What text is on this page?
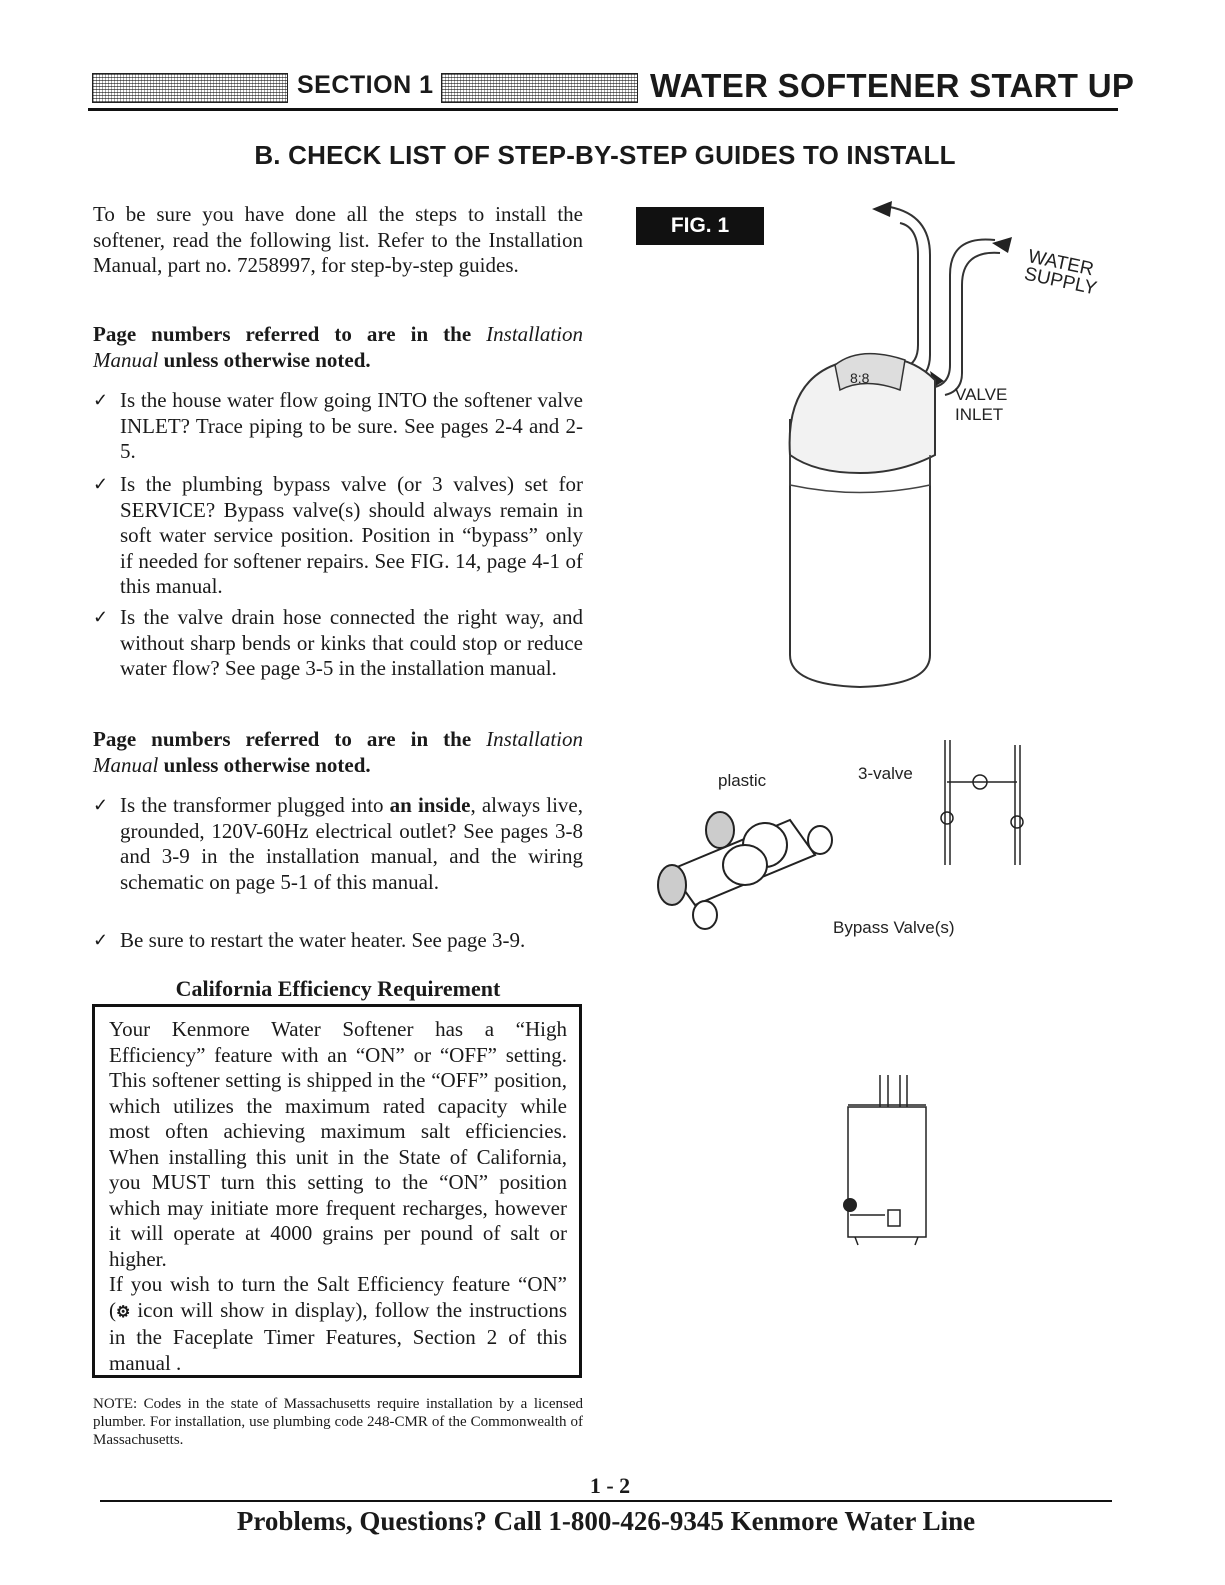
SECTION 1	WATER SOFTENER START UP
B. CHECK LIST OF STEP-BY-STEP GUIDES TO INSTALL
To be sure you have done all the steps to install the softener, read the following list. Refer to the Installation Manual, part no. 7258997, for step-by-step guides.
Page numbers referred to are in the Installation Manual unless otherwise noted.
✓ Is the house water flow going INTO the softener valve INLET? Trace piping to be sure. See pages 2-4 and 2-5.
✓ Is the plumbing bypass valve (or 3 valves) set for SERVICE? Bypass valve(s) should always remain in soft water service position. Position in “bypass” only if needed for softener repairs. See FIG. 14, page 4-1 of this manual.
✓ Is the valve drain hose connected the right way, and without sharp bends or kinks that could stop or reduce water flow? See page 3-5 in the installation manual.
Page numbers referred to are in the Installation Manual unless otherwise noted.
✓ Is the transformer plugged into an inside, always live, grounded, 120V-60Hz electrical outlet? See pages 3-8 and 3-9 in the installation manual, and the wiring schematic on page 5-1 of this manual.
✓ Be sure to restart the water heater. See page 3-9.
California Efficiency Requirement
Your Kenmore Water Softener has a “High Efficiency” feature with an “ON” or “OFF” setting. This softener setting is shipped in the “OFF” position, which utilizes the maximum rated capacity while most often achieving maximum salt efficiencies. When installing this unit in the State of California, you MUST turn this setting to the “ON” position which may initiate more frequent recharges, however it will operate at 4000 grains per pound of salt or higher.
If you wish to turn the Salt Efficiency feature “ON” (⚙ icon will show in display), follow the instructions in the Faceplate Timer Features, Section 2 of this manual .
NOTE: Codes in the state of Massachusetts require installation by a licensed plumber. For installation, use plumbing code 248-CMR of the Commonwealth of Massachusetts.
FIG. 1
8:8
WATER SUPPLY
VALVE
INLET
plastic	3-valve
Bypass Valve(s)
1 - 2
Problems, Questions? Call 1-800-426-9345 Kenmore Water Line
